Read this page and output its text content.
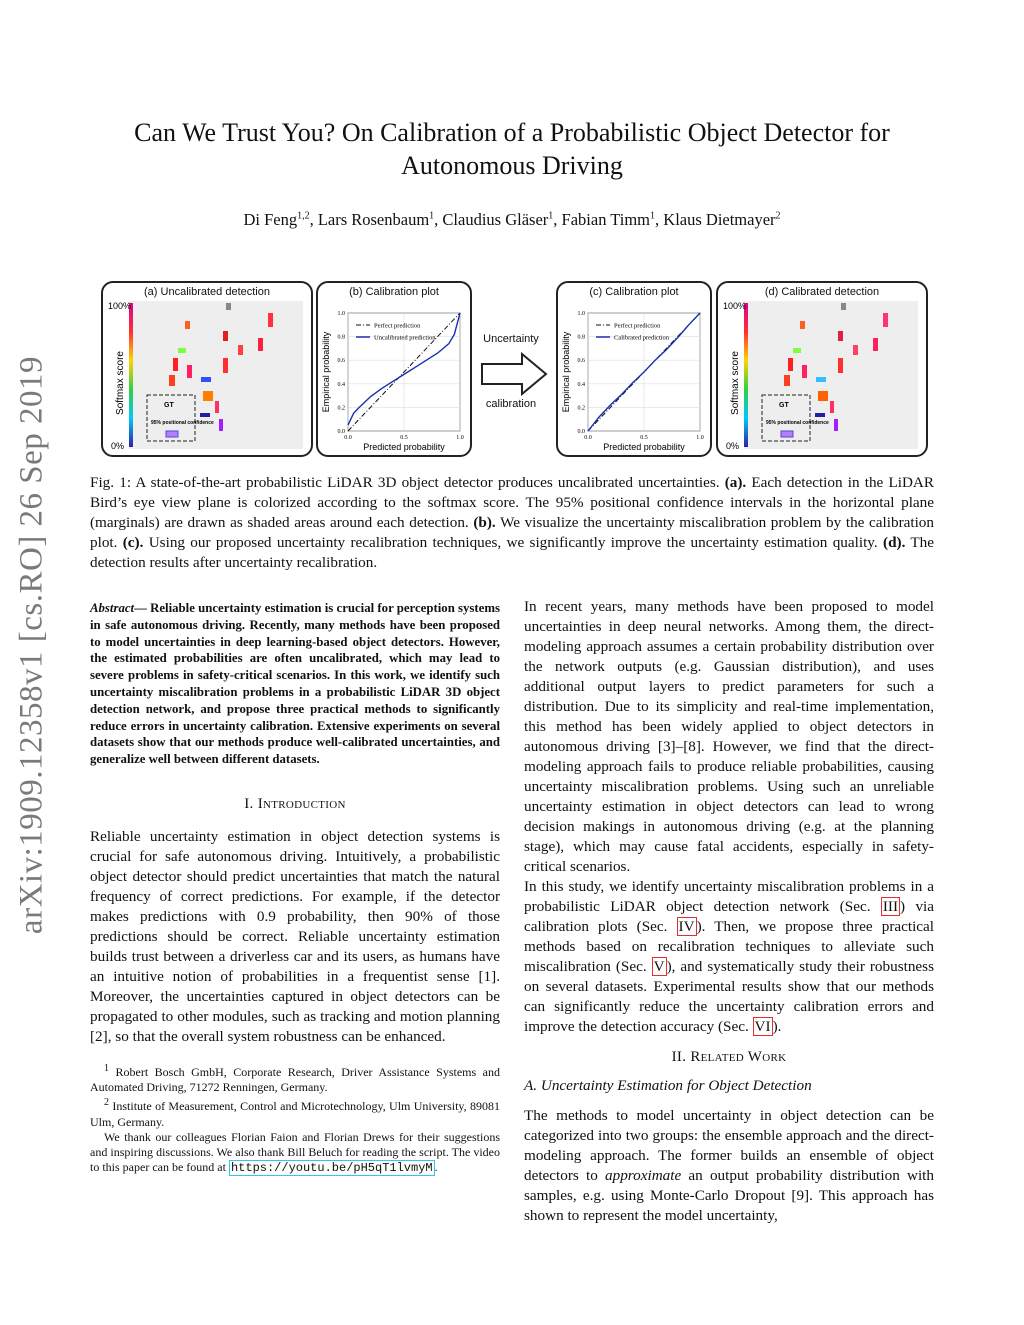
arXiv:1909.12358v1 [cs.RO] 26 Sep 2019
Can We Trust You? On Calibration of a Probabilistic Object Detector for Autonomous Driving
Di Feng$^{1,2}$, Lars Rosenbaum$^1$, Claudius Gläser$^1$, Fabian Timm$^1$, Klaus Dietmayer$^2$
(a) Uncalibrated detection
100%
0%
Softmax score	GT
95% positional confidence
(b) Calibration plot
0.0	0.5	1.0
1.0
0.8
0.6
0.4
0.2
0.0
Perfect prediction
Uncalibrated prediction
Predicted probability
Empirical probability	Uncertainty
calibration
(c) Calibration plot
0.0	0.5	1.0
1.0
0.8
0.6
0.4
0.2
0.0
Perfect prediction
Calibrated prediction
Predicted probability
Empirical probability
(d) Calibrated detection
100%
0%
Softmax score	GT
95% positional confidence
Fig. 1: A state-of-the-art probabilistic LiDAR 3D object detector produces uncalibrated uncertainties. (a). Each detection in the LiDAR Bird’s eye view plane is colorized according to the softmax score. The 95% positional confidence intervals in the horizontal plane (marginals) are drawn as shaded areas around each detection. (b). We visualize the uncertainty miscalibration problem by the calibration plot. (c). Using our proposed uncertainty recalibration techniques, we significantly improve the uncertainty estimation quality. (d). The detection results after uncertainty recalibration.

Abstract— Reliable uncertainty estimation is crucial for perception systems in safe autonomous driving. Recently, many methods have been proposed to model uncertainties in deep learning-based object detectors. However, the estimated probabilities are often uncalibrated, which may lead to severe problems in safety-critical scenarios. In this work, we identify such uncertainty miscalibration problems in a probabilistic LiDAR 3D object detection network, and propose three practical methods to significantly reduce errors in uncertainty calibration. Extensive experiments on several datasets show that our methods produce well-calibrated uncertainties, and generalize well between different datasets.

I. Introduction

Reliable uncertainty estimation in object detection systems is crucial for safe autonomous driving. Intuitively, a probabilistic object detector should predict uncertainties that match the natural frequency of correct predictions. For example, if the detector makes predictions with 0.9 probability, then 90% of those predictions should be correct. Reliable uncertainty estimation builds trust between a driverless car and its users, as humans have an intuitive notion of probabilities in a frequentist sense [1]. Moreover, the uncertainties captured in object detectors can be propagated to other modules, such as tracking and motion planning [2], so that the overall system robustness can be enhanced.

$^1$ Robert Bosch GmbH, Corporate Research, Driver Assistance Systems and Automated Driving, 71272 Renningen, Germany.

$^2$ Institute of Measurement, Control and Microtechnology, Ulm University, 89081 Ulm, Germany.

We thank our colleagues Florian Faion and Florian Drews for their suggestions and inspiring discussions. We also thank Bill Beluch for reading the script. The video to this paper can be found at https://youtu.be/pH5qT1lvmyM .

In recent years, many methods have been proposed to model uncertainties in deep neural networks. Among them, the direct-modeling approach assumes a certain probability distribution over the network outputs (e.g. Gaussian distribution), and uses additional output layers to predict parameters for such a distribution. Due to its simplicity and real-time implementation, this method has been widely applied to object detectors in autonomous driving [3]–[8]. However, we find that the direct-modeling approach fails to produce reliable probabilities, causing uncertainty miscalibration problems. Using such an unreliable uncertainty estimation in object detectors can lead to wrong decision makings in autonomous driving (e.g. at the planning stage), which may cause fatal accidents, especially in safety-critical scenarios.

In this study, we identify uncertainty miscalibration problems in a probabilistic LiDAR object detection network (Sec. III ) via calibration plots (Sec. IV ). Then, we propose three practical methods based on recalibration techniques to alleviate such miscalibration (Sec. V ), and systematically study their robustness on several datasets. Experimental results show that our methods can significantly reduce the uncertainty calibration errors and improve the detection accuracy (Sec. VI ).

II. Related Work

A. Uncertainty Estimation for Object Detection

The methods to model uncertainty in object detection can be categorized into two groups: the ensemble approach and the direct-modeling approach. The former builds an ensemble of object detectors to approximate an output probability distribution with samples, e.g. using Monte-Carlo Dropout [9]. This approach has shown to represent the model uncertainty,
